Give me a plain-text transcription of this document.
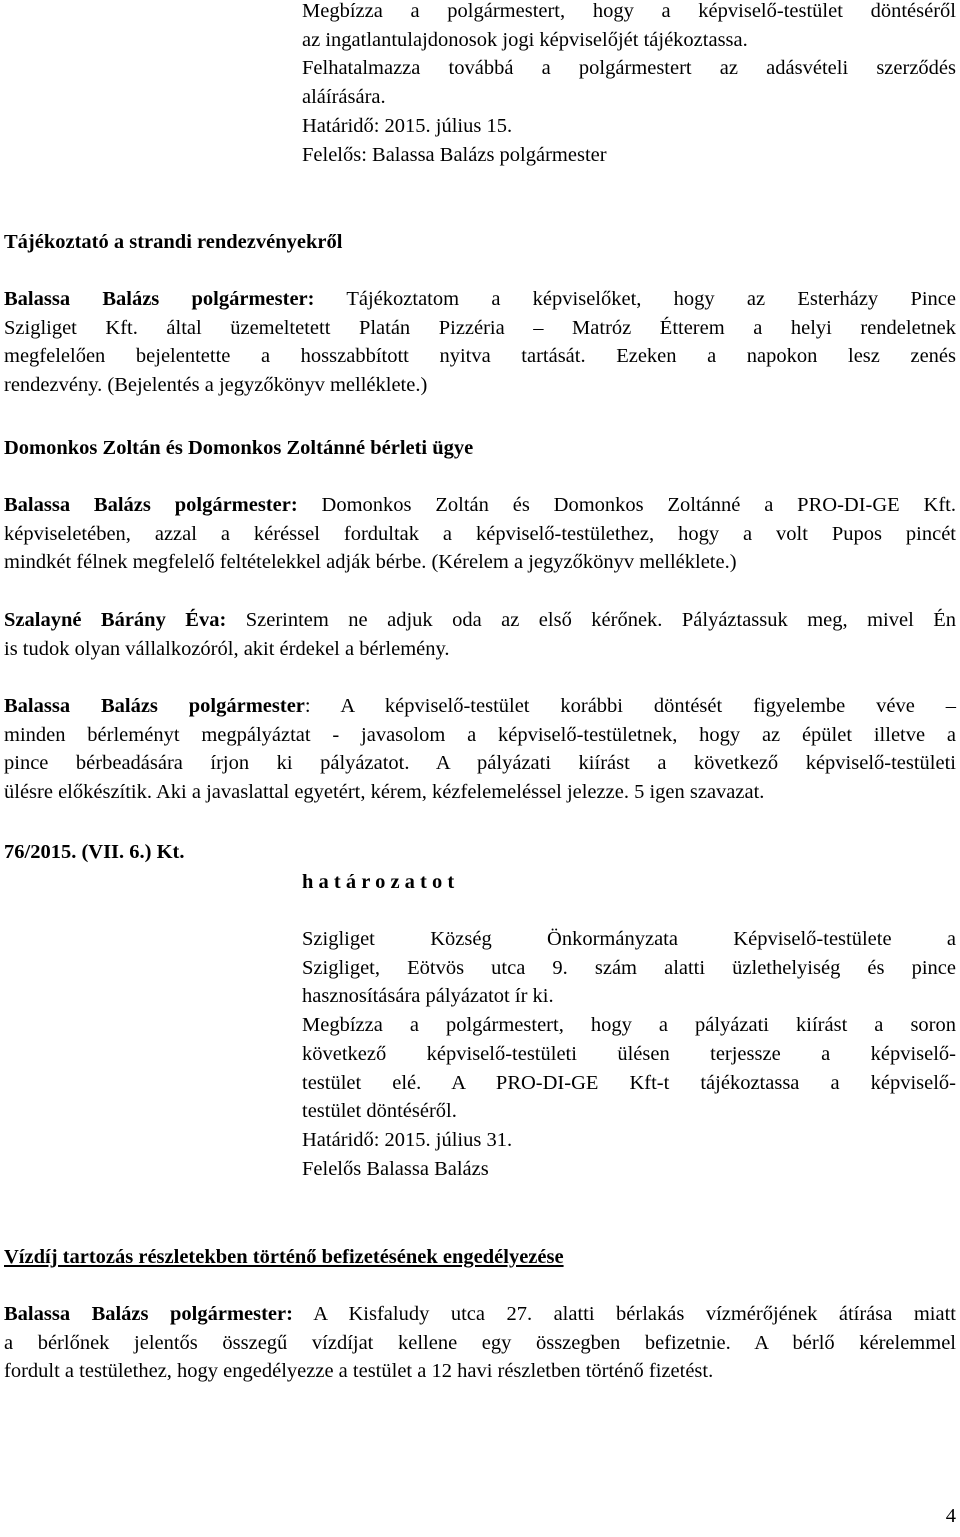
Megbízza a polgármestert, hogy a képviselő-testület döntéséről
az ingatlantulajdonosok jogi képviselőjét tájékoztassa.
Felhatalmazza továbbá a polgármestert az adásvételi szerződés
aláírására.
Határidő: 2015. július 15.
Felelős: Balassa Balázs polgármester
Tájékoztató a strandi rendezvényekről
Balassa Balázs polgármester: Tájékoztatom a képviselőket, hogy az Esterházy Pince
Szigliget Kft. által üzemeltetett Platán Pizzéria – Matróz Étterem a helyi rendeletnek
megfelelően bejelentette a hosszabbított nyitva tartását. Ezeken a napokon lesz zenés
rendezvény. (Bejelentés a jegyzőkönyv melléklete.)
Domonkos Zoltán és Domonkos Zoltánné bérleti ügye
Balassa Balázs polgármester: Domonkos Zoltán és Domonkos Zoltánné a PRO-DI-GE Kft.
képviseletében, azzal a kéréssel fordultak a képviselő-testülethez, hogy a volt Pupos pincét
mindkét félnek megfelelő feltételekkel adják bérbe. (Kérelem a jegyzőkönyv melléklete.)
Szalayné Bárány Éva: Szerintem ne adjuk oda az első kérőnek. Pályáztassuk meg, mivel Én
is tudok olyan vállalkozóról, akit érdekel a bérlemény.
Balassa Balázs polgármester: A képviselő-testület korábbi döntését figyelembe véve –
minden bérleményt megpályáztat - javasolom a képviselő-testületnek, hogy az épület illetve a
pince bérbeadására írjon ki pályázatot. A pályázati kiírást a következő képviselő-testületi
ülésre előkészítik. Aki a javaslattal egyetért, kérem, kézfelemeléssel jelezze. 5 igen szavazat.
76/2015. (VII. 6.) Kt.
h a t á r o z a t o t
Szigliget Község Önkormányzata Képviselő-testülete a
Szigliget, Eötvös utca 9. szám alatti üzlethelyiség és pince
hasznosítására pályázatot ír ki.
Megbízza a polgármestert, hogy a pályázati kiírást a soron
következő képviselő-testületi ülésen terjessze a képviselő-
testület elé. A PRO-DI-GE Kft-t tájékoztassa a képviselő-
testület döntéséről.
Határidő: 2015. július 31.
Felelős Balassa Balázs
Vízdíj tartozás részletekben történő befizetésének engedélyezése
Balassa Balázs polgármester: A Kisfaludy utca 27. alatti bérlakás vízmérőjének átírása miatt
a bérlőnek jelentős összegű vízdíjat kellene egy összegben befizetnie. A bérlő kérelemmel
fordult a testülethez, hogy engedélyezze a testület a 12 havi részletben történő fizetést.
4
